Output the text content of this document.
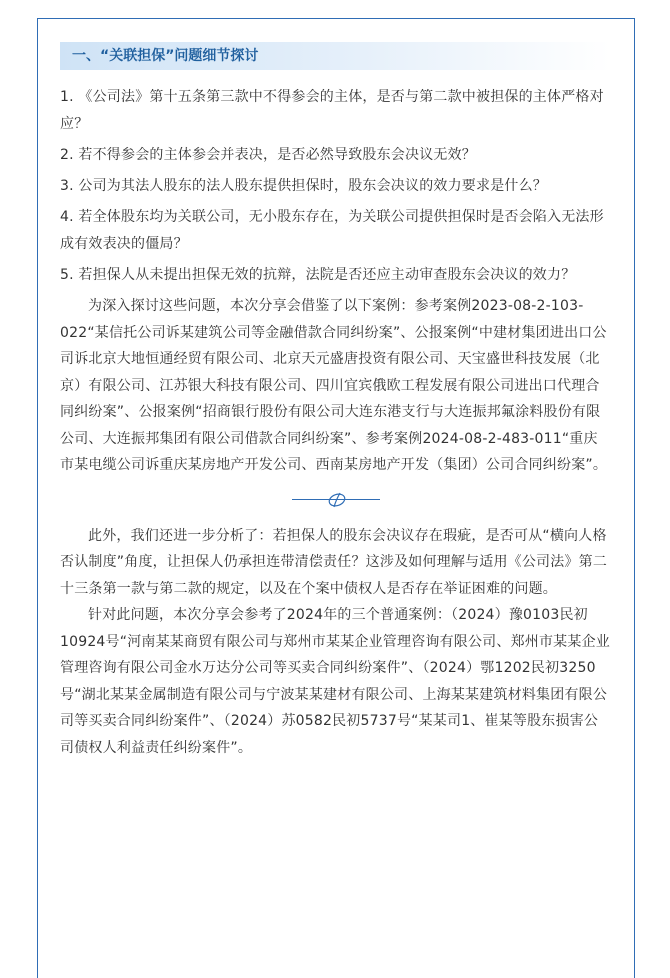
一、“关联担保”问题细节探讨

1. 《公司法》第十五条第三款中不得参会的主体，是否与第二款中被担保的主体严格对应？

2. 若不得参会的主体参会并表决，是否必然导致股东会决议无效？

3. 公司为其法人股东的法人股东提供担保时，股东会决议的效力要求是什么？

4. 若全体股东均为关联公司，无小股东存在，为关联公司提供担保时是否会陷入无法形成有效表决的僵局？

5. 若担保人从未提出担保无效的抗辩，法院是否还应主动审查股东会决议的效力？

为深入探讨这些问题，本次分享会借鉴了以下案例：参考案例2023-08-2-103-022“某信托公司诉某建筑公司等金融借款合同纠纷案”、公报案例“中建材集团进出口公司诉北京大地恒通经贸有限公司、北京天元盛唐投资有限公司、天宝盛世科技发展（北京）有限公司、江苏银大科技有限公司、四川宜宾俄欧工程发展有限公司进出口代理合同纠纷案”、公报案例“招商银行股份有限公司大连东港支行与大连振邦氟涂料股份有限公司、大连振邦集团有限公司借款合同纠纷案”、参考案例2024-08-2-483-011“重庆市某电缆公司诉重庆某房地产开发公司、西南某房地产开发（集团）公司合同纠纷案”。

此外，我们还进一步分析了：若担保人的股东会决议存在瑕疵，是否可从“横向人格否认制度”角度，让担保人仍承担连带清偿责任？这涉及如何理解与适用《公司法》第二十三条第一款与第二款的规定，以及在个案中债权人是否存在举证困难的问题。

针对此问题，本次分享会参考了2024年的三个普通案例：（2024）豫0103民初10924号“河南某某商贸有限公司与郑州市某某企业管理咨询有限公司、郑州市某某企业管理咨询有限公司金水万达分公司等买卖合同纠纷案件”、（2024）鄂1202民初3250号“湖北某某金属制造有限公司与宁波某某建材有限公司、上海某某建筑材料集团有限公司等买卖合同纠纷案件”、（2024）苏0582民初5737号“某某司1、崔某等股东损害公司债权人利益责任纠纷案件”。
